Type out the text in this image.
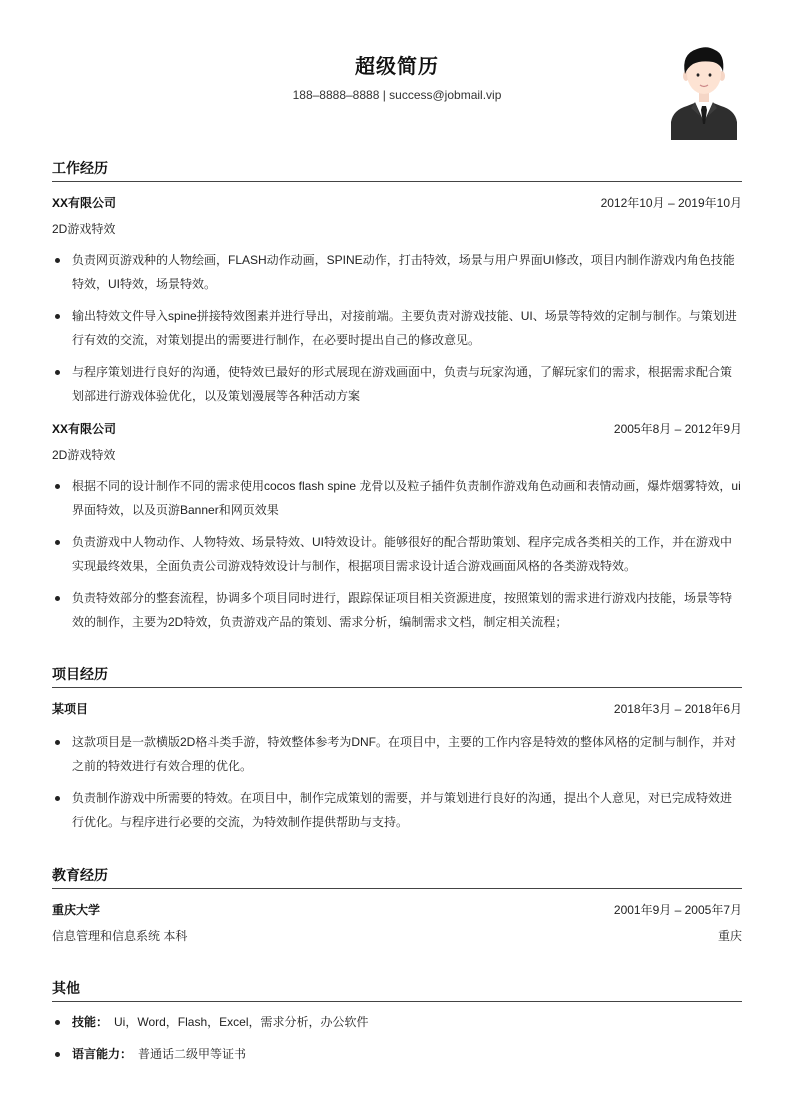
超级简历
188–8888–8888 | success@jobmail.vip
工作经历
XX有限公司	2012年10月 – 2019年10月
2D游戏特效
负责网页游戏种的人物绘画，FLASH动作动画，SPINE动作，打击特效，场景与用户界面UI修改，项目内制作游戏内角色技能特效，UI特效，场景特效。
输出特效文件导入spine拼接特效图素并进行导出，对接前端。主要负责对游戏技能、UI、场景等特效的定制与制作。与策划进行有效的交流，对策划提出的需要进行制作，在必要时提出自己的修改意见。
与程序策划进行良好的沟通，使特效已最好的形式展现在游戏画面中，负责与玩家沟通，了解玩家们的需求，根据需求配合策划部进行游戏体验优化，以及策划漫展等各种活动方案
XX有限公司	2005年8月 – 2012年9月
2D游戏特效
根据不同的设计制作不同的需求使用cocos flash spine 龙骨以及粒子插件负责制作游戏角色动画和表情动画，爆炸烟雾特效，ui界面特效，以及页游Banner和网页效果
负责游戏中人物动作、人物特效、场景特效、UI特效设计。能够很好的配合帮助策划、程序完成各类相关的工作，并在游戏中实现最终效果，全面负责公司游戏特效设计与制作，根据项目需求设计适合游戏画面风格的各类游戏特效。
负责特效部分的整套流程，协调多个项目同时进行，跟踪保证项目相关资源进度，按照策划的需求进行游戏内技能，场景等特效的制作，主要为2D特效，负责游戏产品的策划、需求分析，编制需求文档，制定相关流程；
项目经历
某项目	2018年3月 – 2018年6月
这款项目是一款横版2D格斗类手游，特效整体参考为DNF。在项目中，主要的工作内容是特效的整体风格的定制与制作，并对之前的特效进行有效合理的优化。
负责制作游戏中所需要的特效。在项目中，制作完成策划的需要，并与策划进行良好的沟通，提出个人意见，对已完成特效进行优化。与程序进行必要的交流，为特效制作提供帮助与支持。
教育经历
重庆大学	2001年9月 – 2005年7月
信息管理和信息系统 本科	重庆
其他
技能： Ui，Word，Flash，Excel，需求分析，办公软件
语言能力： 普通话二级甲等证书
